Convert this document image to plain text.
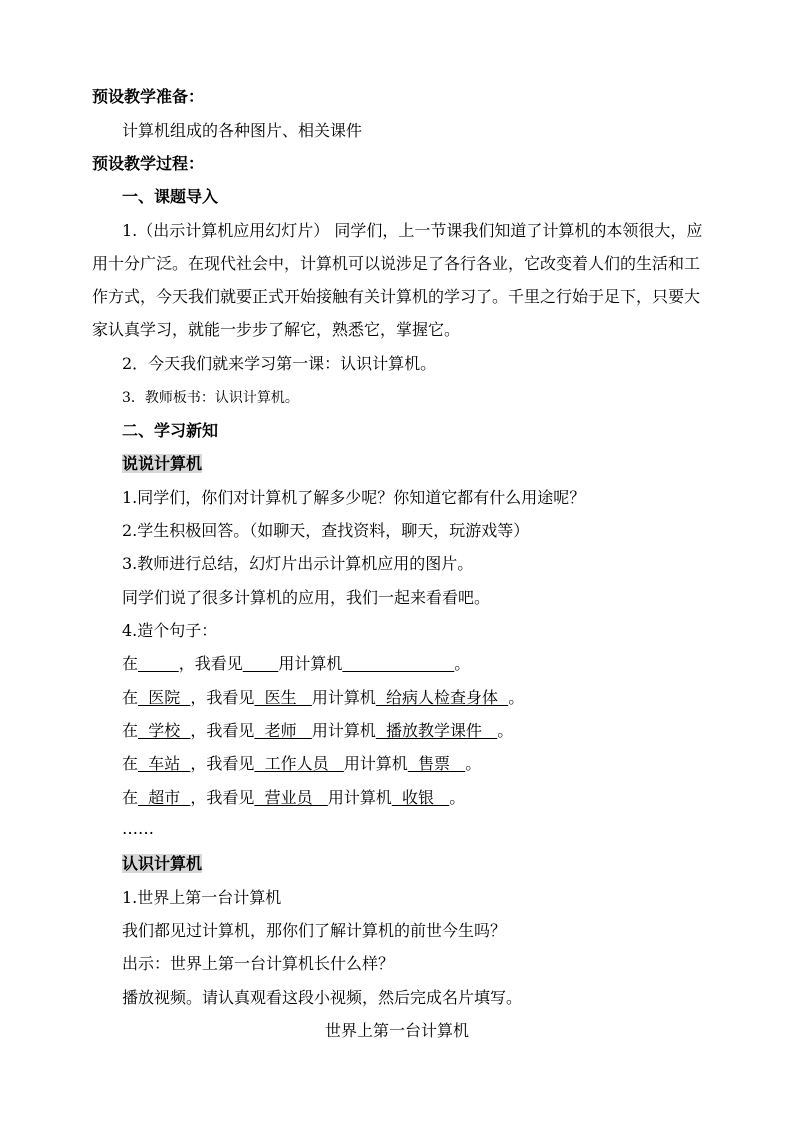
预设教学准备：
计算机组成的各种图片、相关课件
预设教学过程：
一、课题导入
1.（出示计算机应用幻灯片） 同学们，上一节课我们知道了计算机的本领很大，应
用十分广泛。在现代社会中，计算机可以说涉足了各行各业，它改变着人们的生活和工
作方式，今天我们就要正式开始接触有关计算机的学习了。千里之行始于足下，只要大
家认真学习，就能一步步了解它，熟悉它，掌握它。
2．今天我们就来学习第一课：认识计算机。
3．教师板书：认识计算机。
二、学习新知
说说计算机
1.同学们，你们对计算机了解多少呢？你知道它都有什么用途呢？
2.学生积极回答。（如聊天，查找资料，聊天，玩游戏等）
3.教师进行总结，幻灯片出示计算机应用的图片。
同学们说了很多计算机的应用，我们一起来看看吧。
4.造个句子：
在	，我看见 用计算机	。
在  医院  ，我看见  医生   用计算机  给病人检查身体  。
在  学校  ，我看见  老师   用计算机  播放教学课件   。
在  车站  ，我看见  工作人员   用计算机  售票   。
在  超市  ，我看见  营业员   用计算机  收银   。
……
认识计算机
1.世界上第一台计算机
我们都见过计算机，那你们了解计算机的前世今生吗？
出示：世界上第一台计算机长什么样？
播放视频。请认真观看这段小视频，然后完成名片填写。
世界上第一台计算机
